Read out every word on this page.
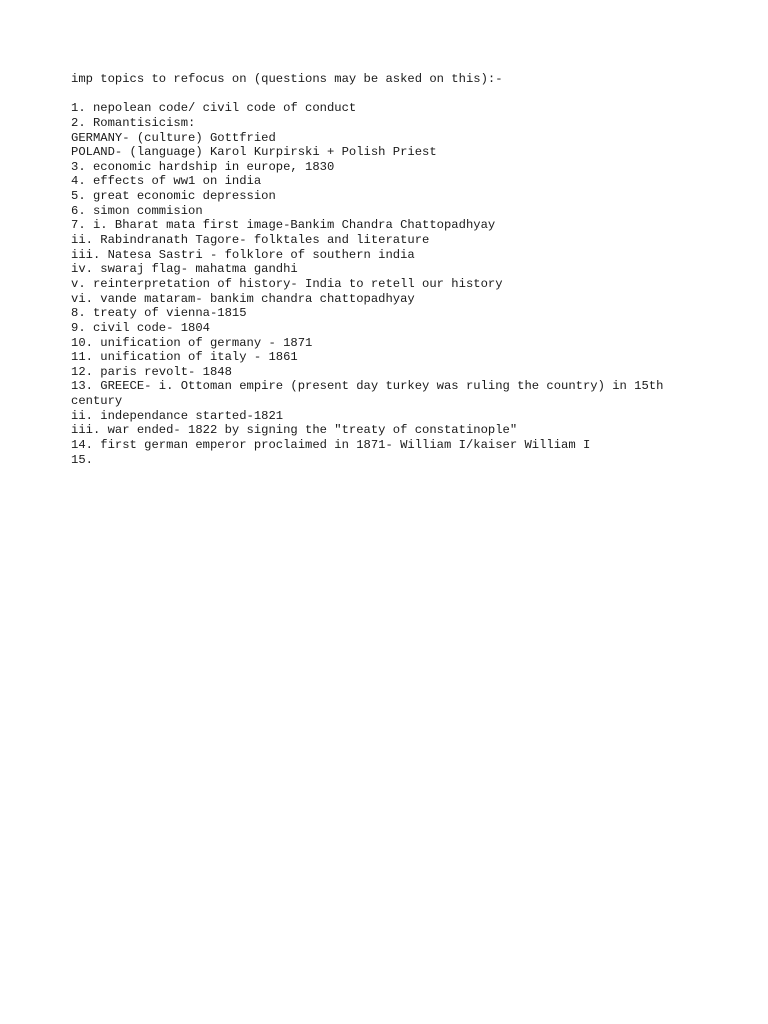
imp topics to refocus on (questions may be asked on this):-
1. nepolean code/ civil code of conduct
2. Romantisicism:
GERMANY- (culture) Gottfried
POLAND- (language) Karol Kurpirski + Polish Priest
3. economic hardship in europe, 1830
4. effects of ww1 on india
5. great economic depression
6. simon commision
7. i. Bharat mata first image-Bankim Chandra Chattopadhyay
ii. Rabindranath Tagore- folktales and literature
iii. Natesa Sastri - folklore of southern india
iv. swaraj flag- mahatma gandhi
v. reinterpretation of history- India to retell our history
vi. vande mataram- bankim chandra chattopadhyay
8. treaty of vienna-1815
9. civil code- 1804
10. unification of germany - 1871
11. unification of italy - 1861
12. paris revolt- 1848
13. GREECE- i. Ottoman empire (present day turkey was ruling the country) in 15th
century
ii. independance started-1821
iii. war ended- 1822 by signing the "treaty of constatinople"
14. first german emperor proclaimed in 1871- William I/kaiser William I
15.
